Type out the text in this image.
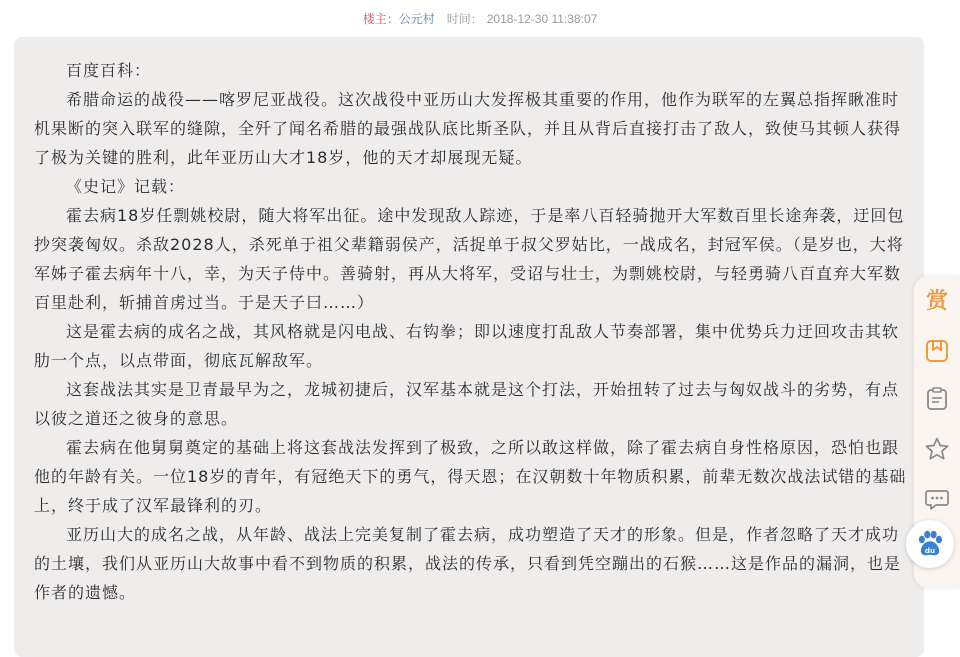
楼主：公元村 时间： 2018-12-30 11:38:07

百度百科：

希腊命运的战役——喀罗尼亚战役。这次战役中亚历山大发挥极其重要的作用，他作为联军的左翼总指挥瞅准时机果断的突入联军的缝隙，全歼了闻名希腊的最强战队底比斯圣队，并且从背后直接打击了敌人，致使马其顿人获得了极为关键的胜利，此年亚历山大才18岁，他的天才却展现无疑。

《史记》记载：

霍去病18岁任剽姚校尉，随大将军出征。途中发现敌人踪迹，于是率八百轻骑抛开大军数百里长途奔袭，迂回包抄突袭匈奴。杀敌2028人，杀死单于祖父辈籍弱侯产，活捉单于叔父罗姑比，一战成名，封冠军侯。（是岁也，大将军姊子霍去病年十八，幸，为天子侍中。善骑射，再从大将军，受诏与壮士，为剽姚校尉，与轻勇骑八百直弃大军数百里赴利，斩捕首虏过当。于是天子曰……）

这是霍去病的成名之战，其风格就是闪电战、右钩拳；即以速度打乱敌人节奏部署，集中优势兵力迂回攻击其软肋一个点，以点带面，彻底瓦解敌军。

这套战法其实是卫青最早为之，龙城初捷后，汉军基本就是这个打法，开始扭转了过去与匈奴战斗的劣势，有点以彼之道还之彼身的意思。

霍去病在他舅舅奠定的基础上将这套战法发挥到了极致，之所以敢这样做，除了霍去病自身性格原因，恐怕也跟他的年龄有关。一位18岁的青年，有冠绝天下的勇气，得天恩；在汉朝数十年物质积累，前辈无数次战法试错的基础上，终于成了汉军最锋利的刃。

亚历山大的成名之战，从年龄、战法上完美复制了霍去病，成功塑造了天才的形象。但是，作者忽略了天才成功的土壤，我们从亚历山大故事中看不到物质的积累，战法的传承，只看到凭空蹦出的石猴……这是作品的漏洞，也是作者的遗憾。

赏
du
